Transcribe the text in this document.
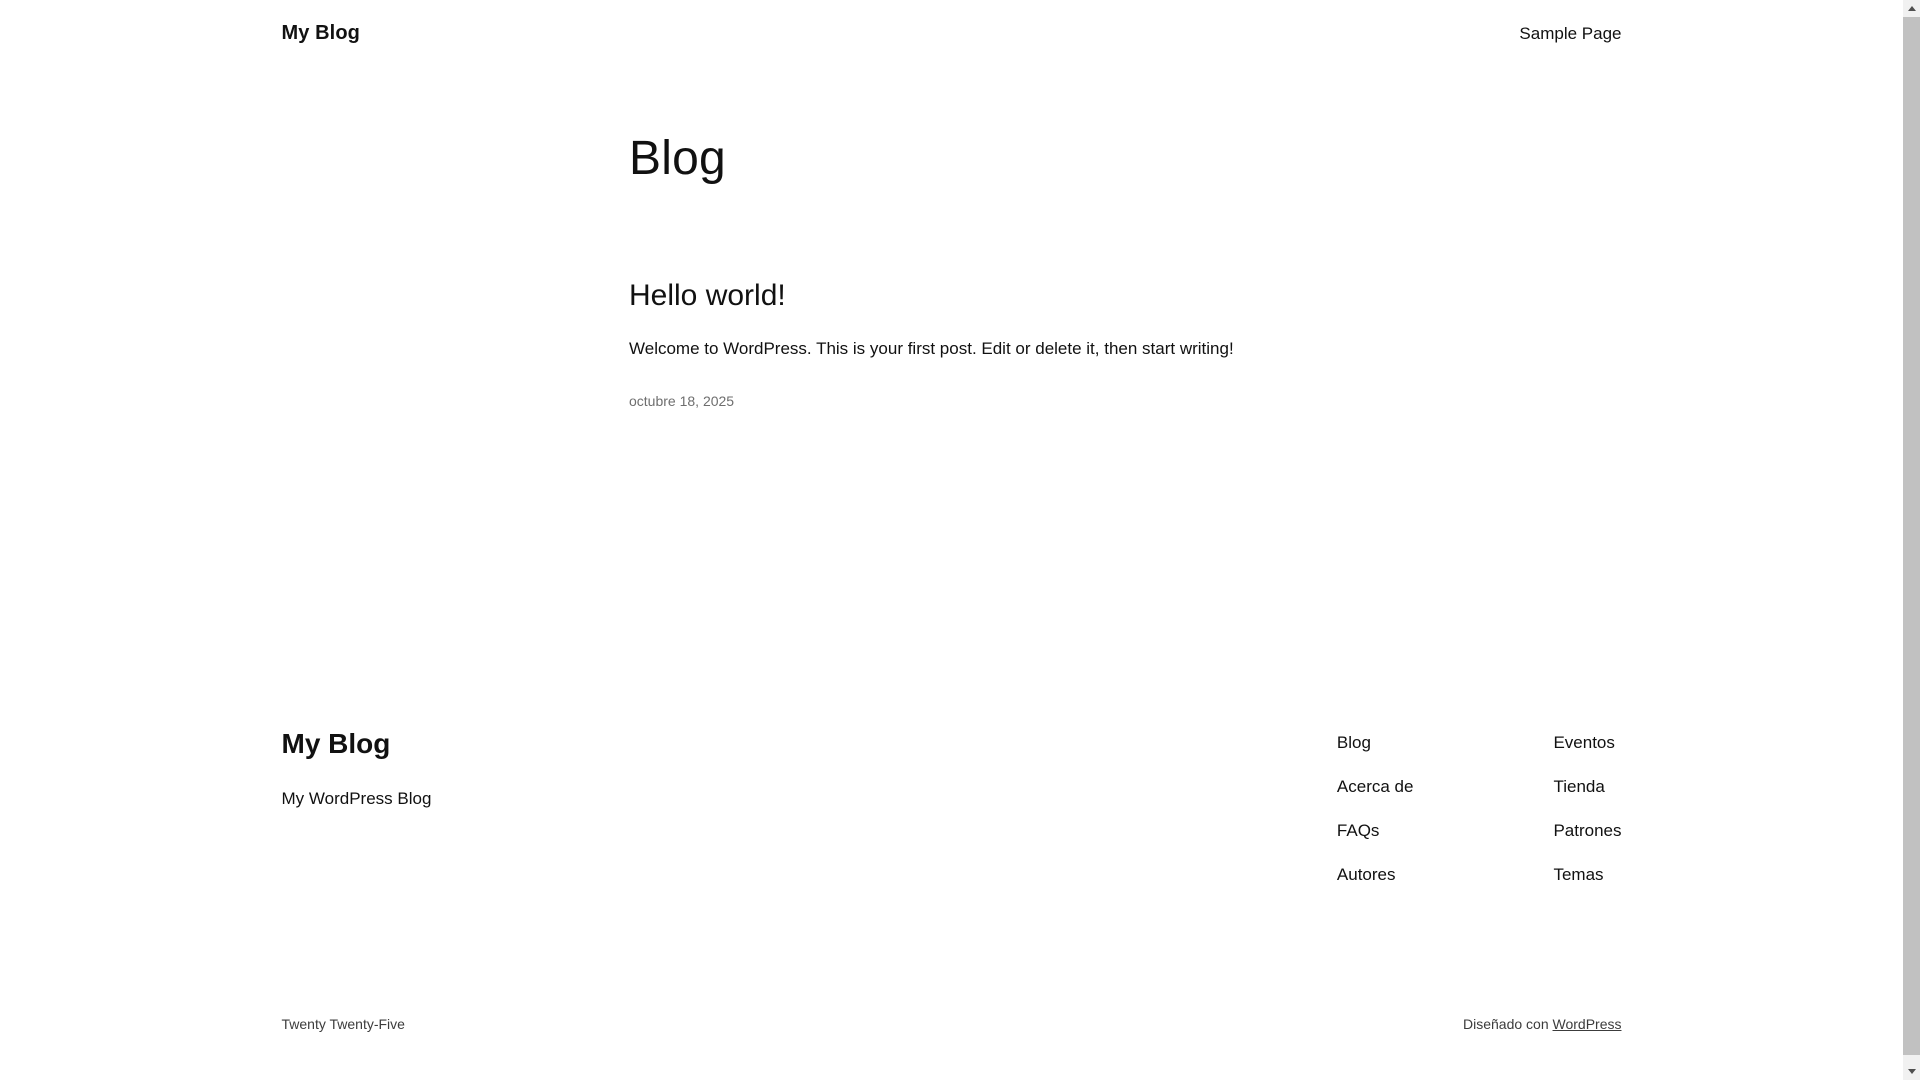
My Blog	Sample Page
Blog
Hello world!

Welcome to WordPress. This is your first post. Edit or delete it, then start writing!

octubre 18, 2025
My Blog

My WordPress Blog

Blog
Acerca de
FAQs
Autores
Eventos
Tienda
Patrones
Temas
Twenty Twenty-Five	Diseñado con WordPress
